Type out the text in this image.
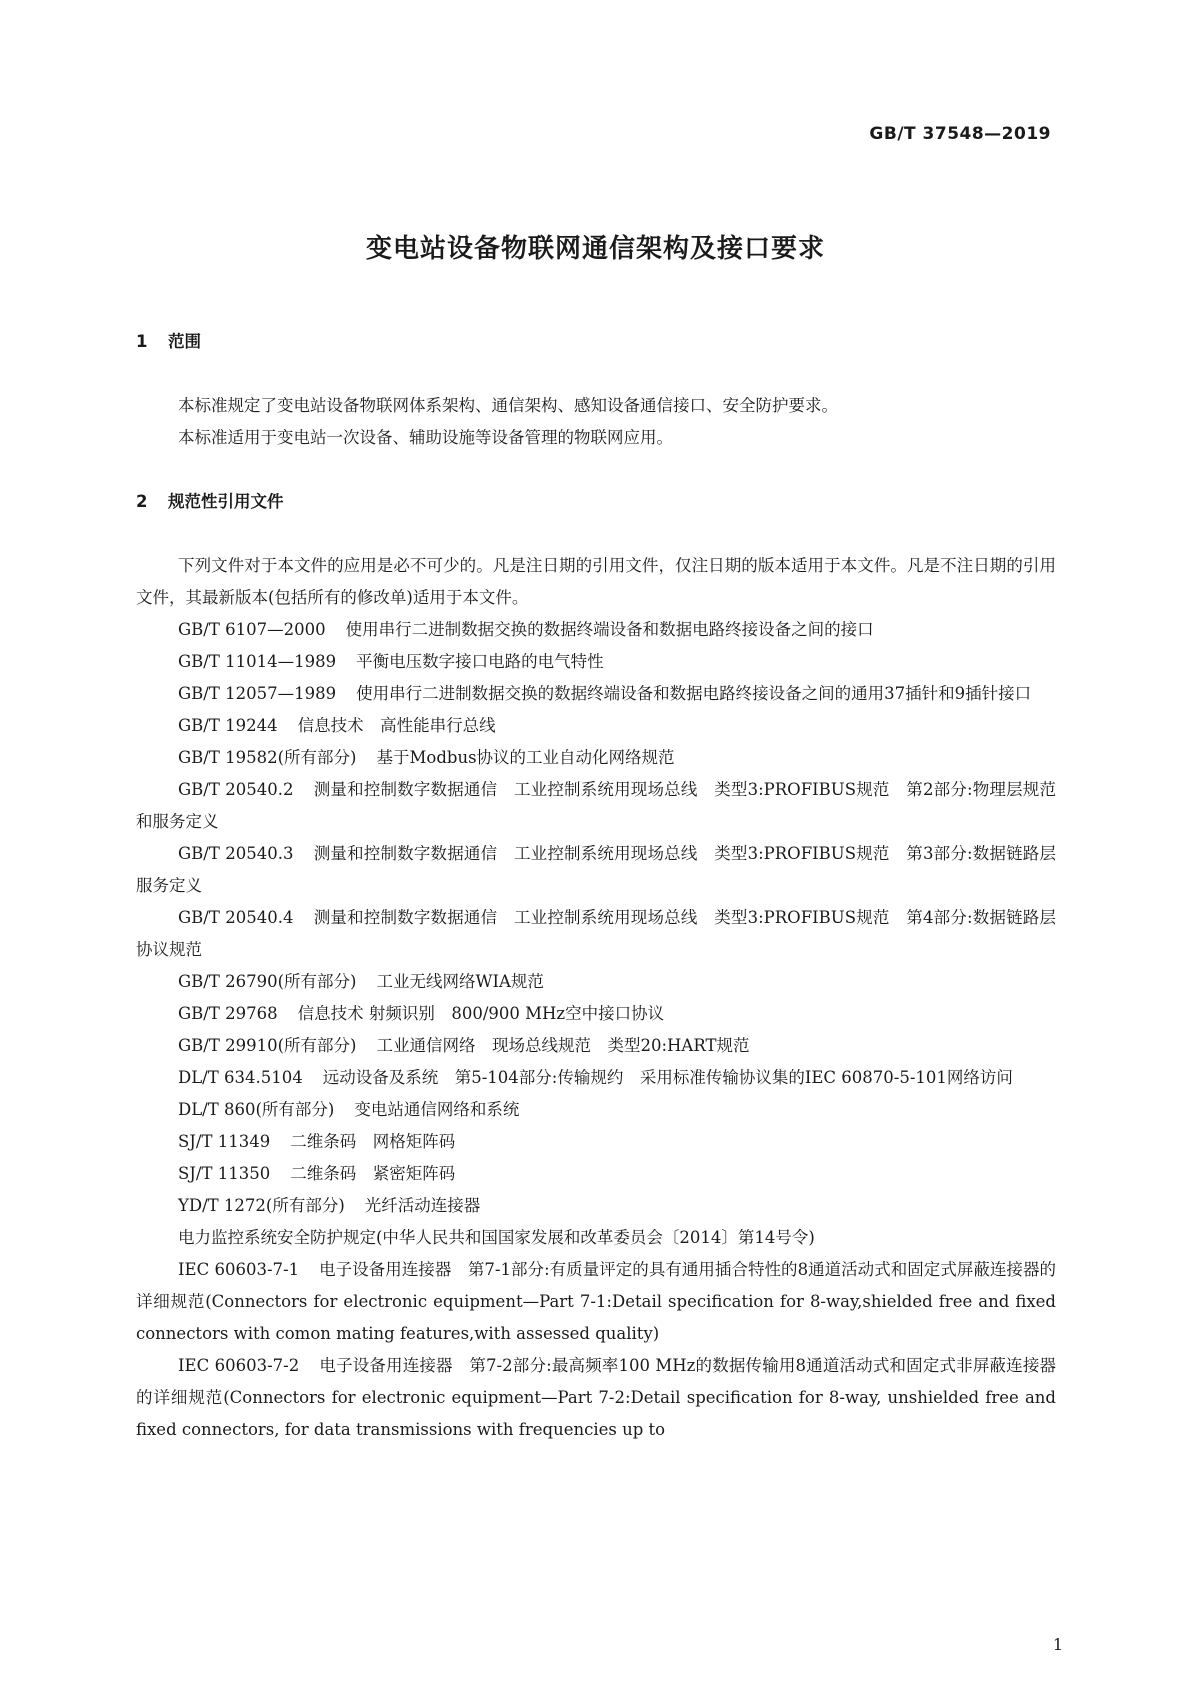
GB/T 37548—2019
变电站设备物联网通信架构及接口要求
1 范围

本标准规定了变电站设备物联网体系架构、通信架构、感知设备通信接口、安全防护要求。

本标准适用于变电站一次设备、辅助设施等设备管理的物联网应用。

2 规范性引用文件

下列文件对于本文件的应用是必不可少的。凡是注日期的引用文件，仅注日期的版本适用于本文件。凡是不注日期的引用文件，其最新版本(包括所有的修改单)适用于本文件。

GB/T 6107—2000 使用串行二进制数据交换的数据终端设备和数据电路终接设备之间的接口
GB/T 11014—1989 平衡电压数字接口电路的电气特性
GB/T 12057—1989 使用串行二进制数据交换的数据终端设备和数据电路终接设备之间的通用37插针和9插针接口
GB/T 19244 信息技术　高性能串行总线
GB/T 19582(所有部分) 基于Modbus协议的工业自动化网络规范
GB/T 20540.2 测量和控制数字数据通信　工业控制系统用现场总线　类型3:PROFIBUS规范　第2部分:物理层规范和服务定义
GB/T 20540.3 测量和控制数字数据通信　工业控制系统用现场总线　类型3:PROFIBUS规范　第3部分:数据链路层服务定义
GB/T 20540.4 测量和控制数字数据通信　工业控制系统用现场总线　类型3:PROFIBUS规范　第4部分:数据链路层协议规范
GB/T 26790(所有部分) 工业无线网络WIA规范
GB/T 29768 信息技术 射频识别　800/900 MHz空中接口协议
GB/T 29910(所有部分) 工业通信网络　现场总线规范　类型20:HART规范
DL/T 634.5104 远动设备及系统　第5-104部分:传输规约　采用标准传输协议集的IEC 60870-5-101网络访问
DL/T 860(所有部分) 变电站通信网络和系统
SJ/T 11349 二维条码　网格矩阵码
SJ/T 11350 二维条码　紧密矩阵码
YD/T 1272(所有部分) 光纤活动连接器
电力监控系统安全防护规定(中华人民共和国国家发展和改革委员会〔2014〕第14号令)
IEC 60603-7-1 电子设备用连接器　第7-1部分:有质量评定的具有通用插合特性的8通道活动式和固定式屏蔽连接器的详细规范(Connectors for electronic equipment—Part 7-1:Detail specification for 8-way,shielded free and fixed connectors with comon mating features,with assessed quality)
IEC 60603-7-2 电子设备用连接器　第7-2部分:最高频率100 MHz的数据传输用8通道活动式和固定式非屏蔽连接器的详细规范(Connectors for electronic equipment—Part 7-2:Detail specification for 8-way, unshielded free and fixed connectors, for data transmissions with frequencies up to
1
